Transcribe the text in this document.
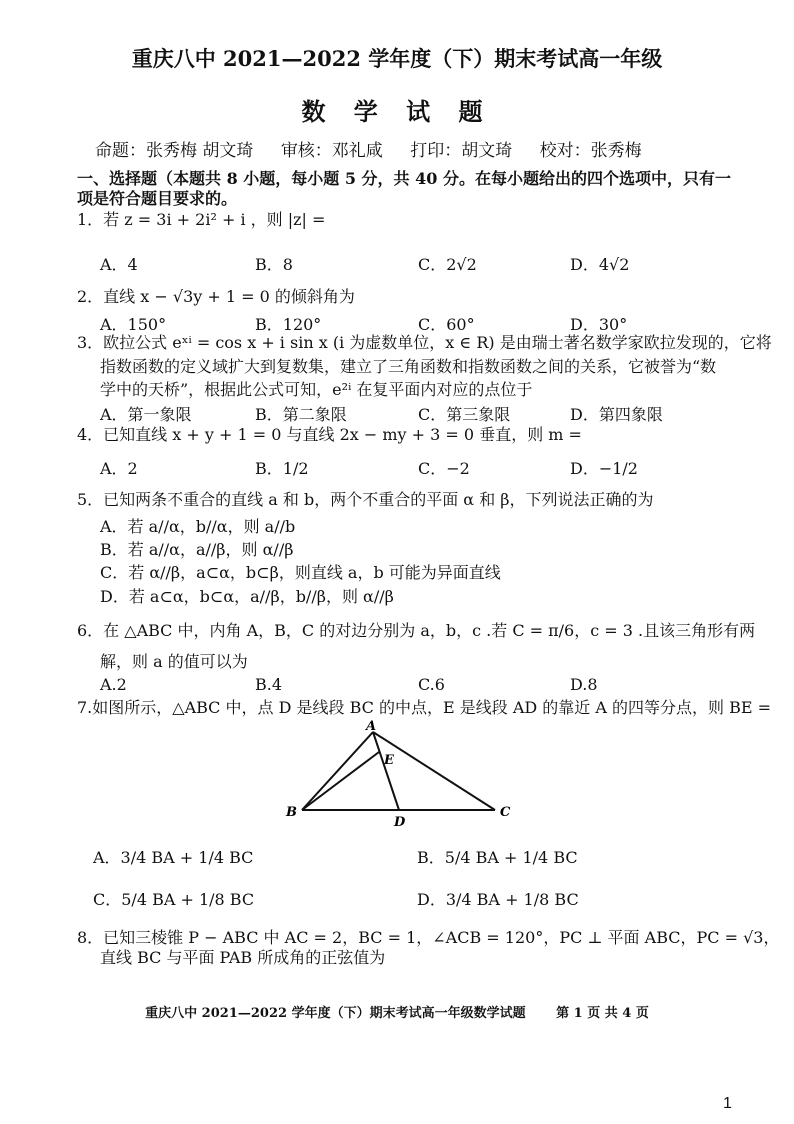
重庆八中 2021—2022 学年度（下）期末考试高一年级
数 学 试 题
命题：张秀梅 胡文琦 审核：邓礼咸 打印：胡文琦 校对：张秀梅
一、选择题（本题共 8 小题，每小题 5 分，共 40 分。在每小题给出的四个选项中，只有一
项是符合题目要求的。
1．若 z = 3i + 2i² + i ，则 |z| =
A．4	B．8	C．2√2	D．4√2
2．直线 x − √3y + 1 = 0 的倾斜角为
A．150°	B．120°	C．60°	D．30°
3．欧拉公式 eˣⁱ = cos x + i sin x (i 为虚数单位，x ∈ R) 是由瑞士著名数学家欧拉发现的，它将
指数函数的定义域扩大到复数集，建立了三角函数和指数函数之间的关系，它被誉为“数
学中的天桥”，根据此公式可知，e²ⁱ 在复平面内对应的点位于
A．第一象限	B．第二象限	C．第三象限	D．第四象限
4．已知直线 x + y + 1 = 0 与直线 2x − my + 3 = 0 垂直，则 m =
A．2	B．1/2	C．−2	D．−1/2
5．已知两条不重合的直线 a 和 b，两个不重合的平面 α 和 β，下列说法正确的为
A．若 a//α，b//α，则 a//b
B．若 a//α，a//β，则 α//β
C．若 α//β，a⊂α，b⊂β，则直线 a，b 可能为异面直线
D．若 a⊂α，b⊂α，a//β，b//β，则 α//β
6．在 △ABC 中，内角 A，B，C 的对边分别为 a，b，c .若 C = π/6，c = 3 .且该三角形有两
解，则 a 的值可以为
A.2	B.4	C.6	D.8
7.如图所示，△ABC 中，点 D 是线段 BC 的中点，E 是线段 AD 的靠近 A 的四等分点，则 BE =
A
E
B
D
C
A．3/4 BA + 1/4 BC	B．5/4 BA + 1/4 BC
C．5/4 BA + 1/8 BC	D．3/4 BA + 1/8 BC
8．已知三棱锥 P − ABC 中 AC = 2，BC = 1，∠ACB = 120°，PC ⊥ 平面 ABC，PC = √3，
直线 BC 与平面 PAB 所成角的正弦值为
重庆八中 2021—2022 学年度（下）期末考试高一年级数学试题 第 1 页 共 4 页
1
